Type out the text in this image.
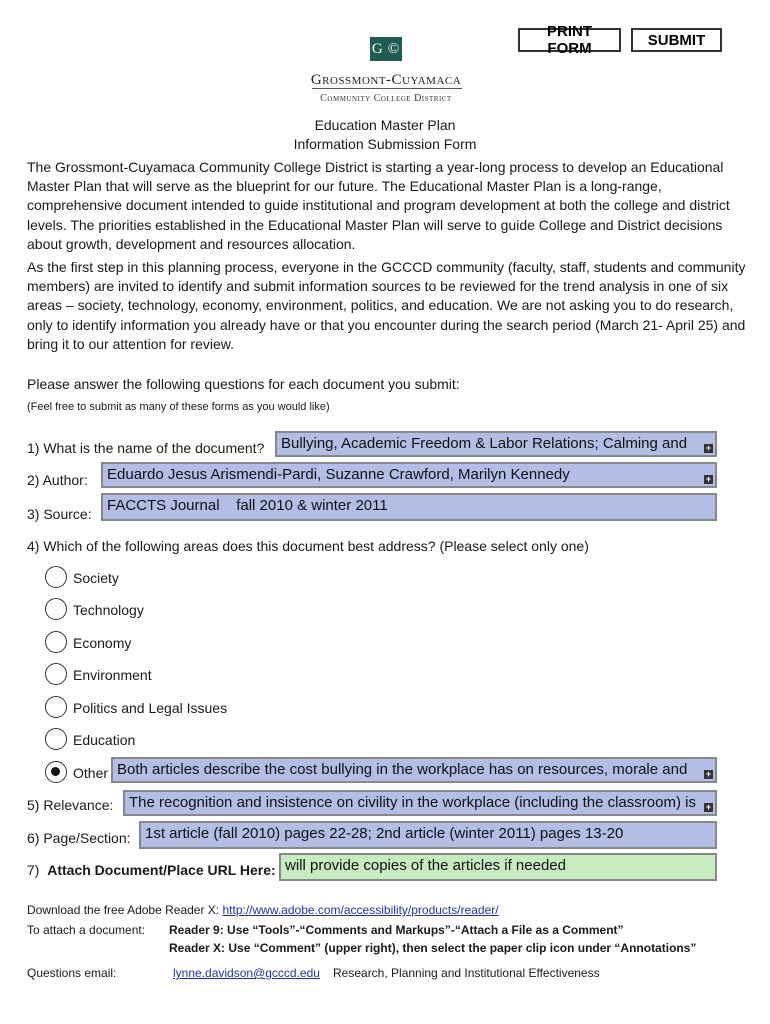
PRINT FORM	SUBMIT
G ©
Grossmont-Cuyamaca
Community College District
Education Master Plan
Information Submission Form
The Grossmont-Cuyamaca Community College District is starting a year-long process to develop an Educational Master Plan that will serve as the blueprint for our future. The Educational Master Plan is a long-range, comprehensive document intended to guide institutional and program development at both the college and district levels. The priorities established in the Educational Master Plan will serve to guide College and District decisions about growth, development and resources allocation.
As the first step in this planning process, everyone in the GCCCD community (faculty, staff, students and community members) are invited to identify and submit information sources to be reviewed for the trend analysis in one of six areas – society, technology, economy, environment, politics, and education. We are not asking you to do research, only to identify information you already have or that you encounter during the search period (March 21- April 25) and bring it to our attention for review.
Please answer the following questions for each document you submit:
(Feel free to submit as many of these forms as you would like)
1) What is the name of the document?	Bullying, Academic Freedom & Labor Relations; Calming and +
2) Author:	Eduardo Jesus Arismendi-Pardi, Suzanne Crawford, Marilyn Kennedy	+
3) Source:	FACCTS Journal    fall 2010 & winter 2011
4) Which of the following areas does this document best address? (Please select only one)
Society
Technology
Economy
Environment
Politics and Legal Issues
Education
Other Both articles describe the cost bullying in the workplace has on resources, morale and +
5) Relevance:	The recognition and insistence on civility in the workplace (including the classroom) is +
6) Page/Section: 1st article (fall 2010) pages 22-28; 2nd article (winter 2011) pages 13-20
7)  Attach Document/Place URL Here: will provide copies of the articles if needed
Download the free Adobe Reader X: http://www.adobe.com/accessibility/products/reader/
To attach a document: Reader 9: Use “Tools”-“Comments and Markups”-“Attach a File as a Comment”
Reader X: Use “Comment” (upper right), then select the paper clip icon under “Annotations”
Questions email:	lynne.davidson@gcccd.edu Research, Planning and Institutional Effectiveness
